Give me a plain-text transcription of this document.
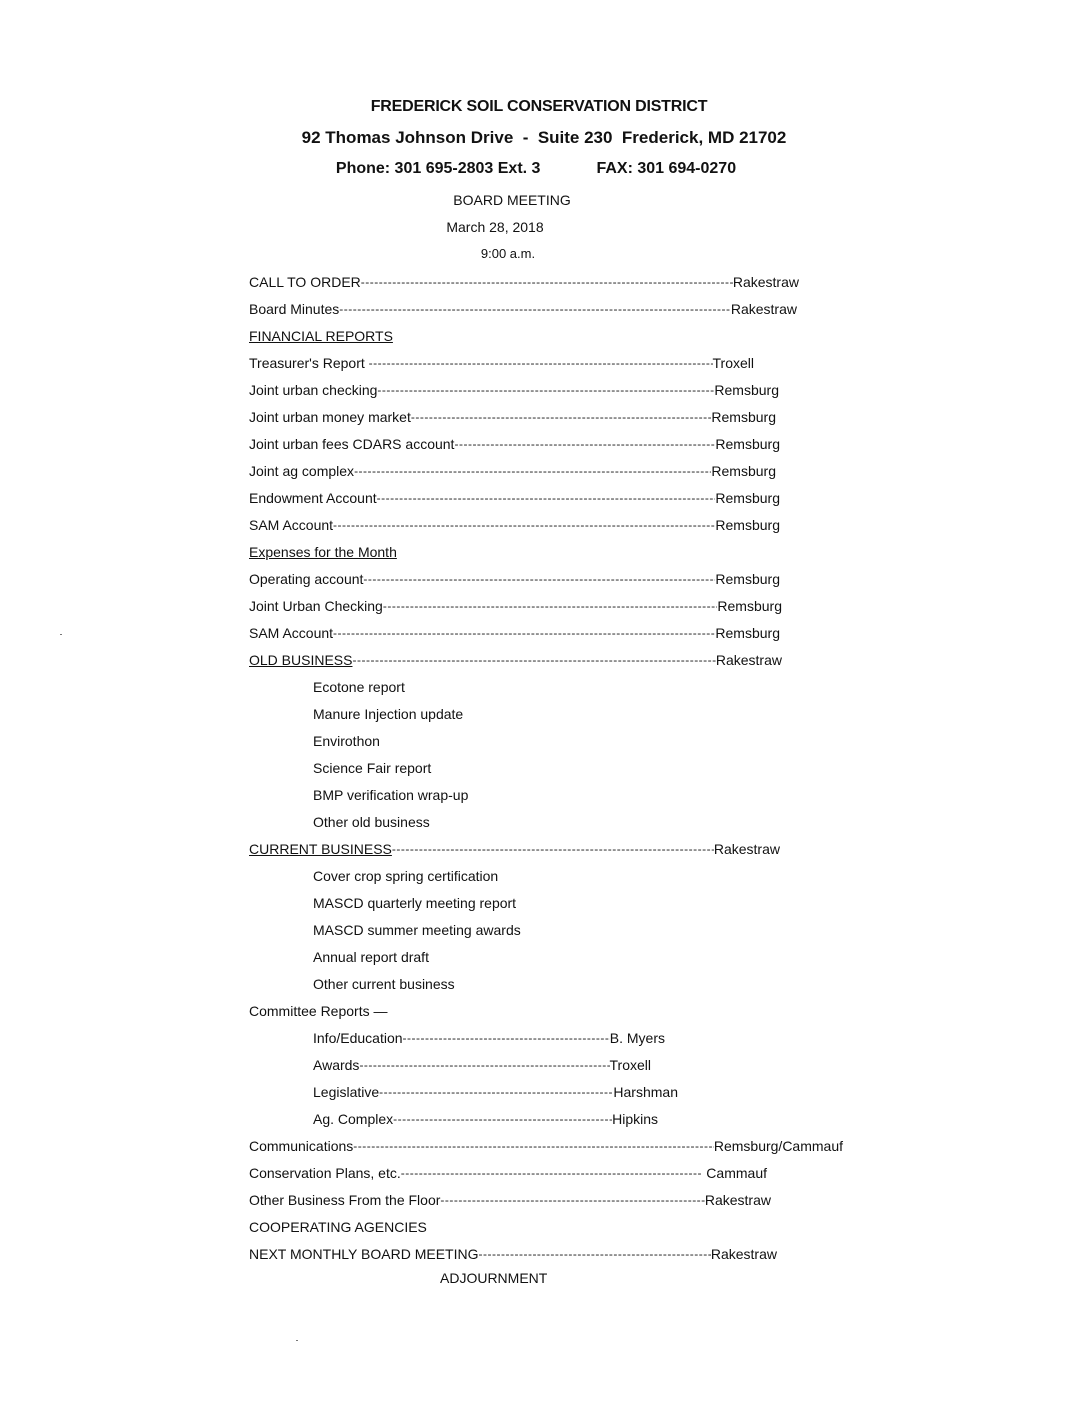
FREDERICK SOIL CONSERVATION DISTRICT
92 Thomas Johnson Drive  -  Suite 230  Frederick, MD 21702
Phone: 301 695-2803 Ext. 3	FAX: 301 694-0270
BOARD MEETING
March 28, 2018
9:00 a.m.
CALL TO ORDER -----	Rakestraw
Board Minutes -----	Rakestraw
FINANCIAL REPORTS
Treasurer's Report -----	Troxell
Joint urban checking -----	Remsburg
Joint urban money market -----	Remsburg
Joint urban fees CDARS account -----	Remsburg
Joint ag complex -----	Remsburg
Endowment Account -----	Remsburg
SAM Account -----	Remsburg
Expenses for the Month
Operating account -----	Remsburg
Joint Urban Checking -----	Remsburg
SAM Account -----	Remsburg
OLD BUSINESS -----	Rakestraw
Ecotone report
Manure Injection update
Envirothon
Science Fair report
BMP verification wrap-up
Other old business
CURRENT BUSINESS -----	Rakestraw
Cover crop spring certification
MASCD quarterly meeting report
MASCD summer meeting awards
Annual report draft
Other current business
Committee Reports —
Info/Education -----	B. Myers
Awards -----	Troxell
Legislative -----	Harshman
Ag. Complex -----	Hipkins
Communications -----	Remsburg/Cammauf
Conservation Plans, etc. -----	Cammauf
Other Business From the Floor -----	Rakestraw
COOPERATING AGENCIES
NEXT MONTHLY BOARD MEETING -----	Rakestraw
ADJOURNMENT
